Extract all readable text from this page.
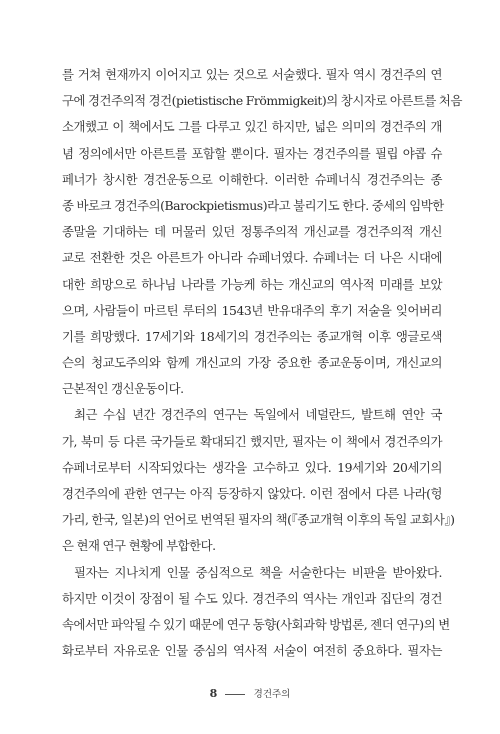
를 거쳐 현재까지 이어지고 있는 것으로 서술했다. 필자 역시 경건주의 연
구에 경건주의적 경건(pietistische Frömmigkeit)의 창시자로 아른트를 처음
소개했고 이 책에서도 그를 다루고 있긴 하지만, 넓은 의미의 경건주의 개
념 정의에서만 아른트를 포함할 뿐이다. 필자는 경건주의를 필립 야콥 슈
페너가 창시한 경건운동으로 이해한다. 이러한 슈페너식 경건주의는 종
종 바로크 경건주의(Barockpietismus)라고 불리기도 한다. 중세의 임박한
종말을 기대하는 데 머물러 있던 정통주의적 개신교를 경건주의적 개신
교로 전환한 것은 아른트가 아니라 슈페너였다. 슈페너는 더 나은 시대에
대한 희망으로 하나님 나라를 가능케 하는 개신교의 역사적 미래를 보았
으며, 사람들이 마르틴 루터의 1543년 반유대주의 후기 저술을 잊어버리
기를 희망했다. 17세기와 18세기의 경건주의는 종교개혁 이후 앵글로색
슨의 청교도주의와 함께 개신교의 가장 중요한 종교운동이며, 개신교의
근본적인 갱신운동이다.
최근 수십 년간 경건주의 연구는 독일에서 네덜란드, 발트해 연안 국
가, 북미 등 다른 국가들로 확대되긴 했지만, 필자는 이 책에서 경건주의가
슈페너로부터 시작되었다는 생각을 고수하고 있다. 19세기와 20세기의
경건주의에 관한 연구는 아직 등장하지 않았다. 이런 점에서 다른 나라(헝
가리, 한국, 일본)의 언어로 번역된 필자의 책(『종교개혁 이후의 독일 교회사』)
은 현재 연구 현황에 부합한다.
필자는 지나치게 인물 중심적으로 책을 서술한다는 비판을 받아왔다.
하지만 이것이 장점이 될 수도 있다. 경건주의 역사는 개인과 집단의 경건
속에서만 파악될 수 있기 때문에 연구 동향(사회과학 방법론, 젠더 연구)의 변
화로부터 자유로운 인물 중심의 역사적 서술이 여전히 중요하다. 필자는
8	경건주의
